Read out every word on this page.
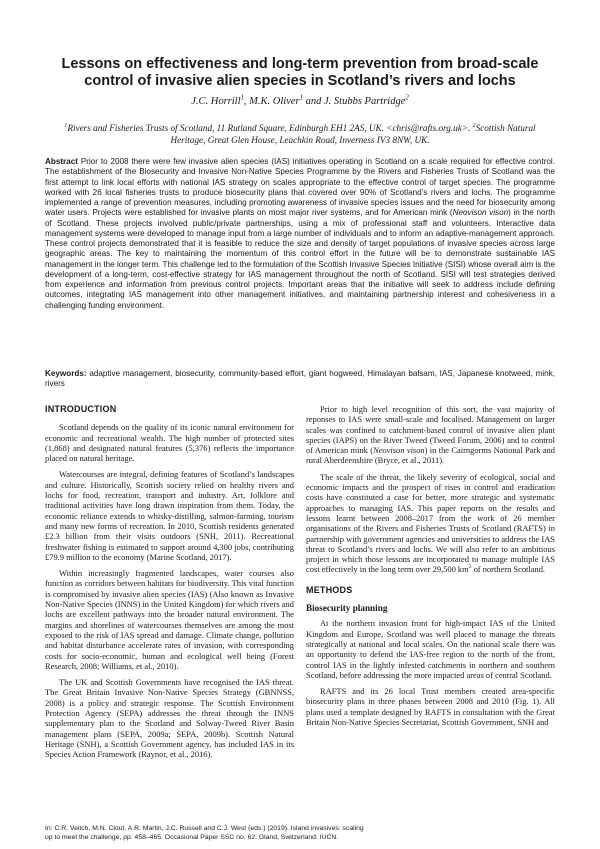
Lessons on effectiveness and long-term prevention from broad-scale control of invasive alien species in Scotland’s rivers and lochs

J.C. Horrill$^1$, M.K. Oliver$^1$ and J. Stubbs Partridge$^2$

$^1$Rivers and Fisheries Trusts of Scotland, 11 Rutland Square, Edinburgh EH1 2AS, UK. <chris@rafts.org.uk>. $^2$Scottish Natural Heritage, Great Glen House, Leachkin Road, Inverness IV3 8NW, UK.

Abstract Prior to 2008 there were few invasive alien species (IAS) initiatives operating in Scotland on a scale required for effective control. The establishment of the Biosecurity and Invasive Non-Native Species Programme by the Rivers and Fisheries Trusts of Scotland was the first attempt to link local efforts with national IAS strategy on scales appropriate to the effective control of target species. The programme worked with 26 local fisheries trusts to produce biosecurity plans that covered over 90% of Scotland’s rivers and lochs. The programme implemented a range of prevention measures, including promoting awareness of invasive species issues and the need for biosecurity among water users. Projects were established for invasive plants on most major river systems, and for American mink (Neovison vison) in the north of Scotland. These projects involved public/private partnerships, using a mix of professional staff and volunteers. Interactive data management systems were developed to manage input from a large number of individuals and to inform an adaptive-management approach. These control projects demonstrated that it is feasible to reduce the size and density of target populations of invasive species across large geographic areas. The key to maintaining the momentum of this control effort in the future will be to demonstrate sustainable IAS management in the longer term. This challenge led to the formulation of the Scottish Invasive Species Initiative (SISI) whose overall aim is the development of a long-term, cost-effective strategy for IAS management throughout the north of Scotland. SISI will test strategies derived from experience and information from previous control projects. Important areas that the initiative will seek to address include defining outcomes, integrating IAS management into other management initiatives, and maintaining partnership interest and cohesiveness in a challenging funding environment.

Keywords: adaptive management, biosecurity, community-based effort, giant hogweed, Himalayan balsam, IAS, Japanese knotweed, mink, rivers

INTRODUCTION

Scotland depends on the quality of its iconic natural environment for economic and recreational wealth. The high number of protected sites (1,868) and designated natural features (5,376) reflects the importance placed on natural heritage.

Watercourses are integral, defining features of Scotland’s landscapes and culture. Historically, Scottish society relied on healthy rivers and lochs for food, recreation, transport and industry. Art, folklore and traditional activities have long drawn inspiration from them. Today, the economic reliance extends to whisky-distilling, salmon-farming, tourism and many new forms of recreation. In 2010, Scottish residents generated £2.3 billion from their visits outdoors (SNH, 2011). Recreational freshwater fishing is estimated to support around 4,300 jobs, contributing £79.9 million to the economy (Marine Scotland, 2017).

Within increasingly fragmented landscapes, water courses also function as corridors between habitats for biodiversity. This vital function is compromised by invasive alien species (IAS) (Also known as Invasive Non-Native Species (INNS) in the United Kingdom) for which rivers and lochs are excellent pathways into the broader natural environment. The margins and shorelines of watercourses themselves are among the most exposed to the risk of IAS spread and damage. Climate change, pollution and habitat disturbance accelerate rates of invasion, with corresponding costs for socio-economic, human and ecological well being (Forest Research, 2008; Williams, et al., 2010).

The UK and Scottish Governments have recognised the IAS threat. The Great Britain Invasive Non-Native Species Strategy (GBNNSS, 2008) is a policy and strategic response. The Scottish Environment Protection Agency (SEPA) addresses the threat through the INNS supplementary plan to the Scotland and Solway-Tweed River Basin management plans (SEPA, 2009a; SEPA, 2009b). Scottish Natural Heritage (SNH), a Scottish Government agency, has included IAS in its Species Action Framework (Raynor, et al., 2016).

Prior to high level recognition of this sort, the vast majority of reponses to IAS were small-scale and localised. Management on larger scales was confined to catchment-based control of invasive alien plant species (IAPS) on the River Tweed (Tweed Forum, 2006) and to control of American mink (Neovison vison) in the Cairngorms National Park and rural Aberdeenshire (Bryce, et al., 2011).

The scale of the threat, the likely severity of ecological, social and economic impacts and the prospect of rises in control and eradication costs have constituted a case for better, more strategic and systematic approaches to managing IAS. This paper reports on the results and lessons learnt between 2008–2017 from the work of 26 member organisations of the Rivers and Fisheries Trusts of Scotland (RAFTS) in partnership with government agencies and universities to address the IAS threat to Scotland’s rivers and lochs. We will also refer to an ambitious project in which those lessons are incorporated to manage multiple IAS cost effectively in the long term over 29,500 $km^2$ of northern Scotland.

METHODS

Biosecurity planning

At the northern invasion front for high-impact IAS of the United Kingdom and Europe, Scotland was well placed to manage the threats strategically at national and local scales. On the national scale there was an opportunity to defend the IAS-free region to the north of the front, control IAS in the lightly infested catchments in northern and southern Scotland, before addressing the more impacted areas of central Scotland.

RAFTS and its 26 local Trust members created area-specific biosecurity plans in three phases between 2008 and 2010 (Fig. 1). All plans used a template designed by RAFTS in consultation with the Great Britain Non-Native Species Secretariat, Scottish Government, SNH and

In: C.R. Veitch, M.N. Clout, A.R. Martin, J.C. Russell and C.J. West (eds.) (2019). Island invasives: scaling
up to meet the challenge, pp. 458–465. Occasional Paper SSC no. 62. Gland, Switzerland: IUCN.
